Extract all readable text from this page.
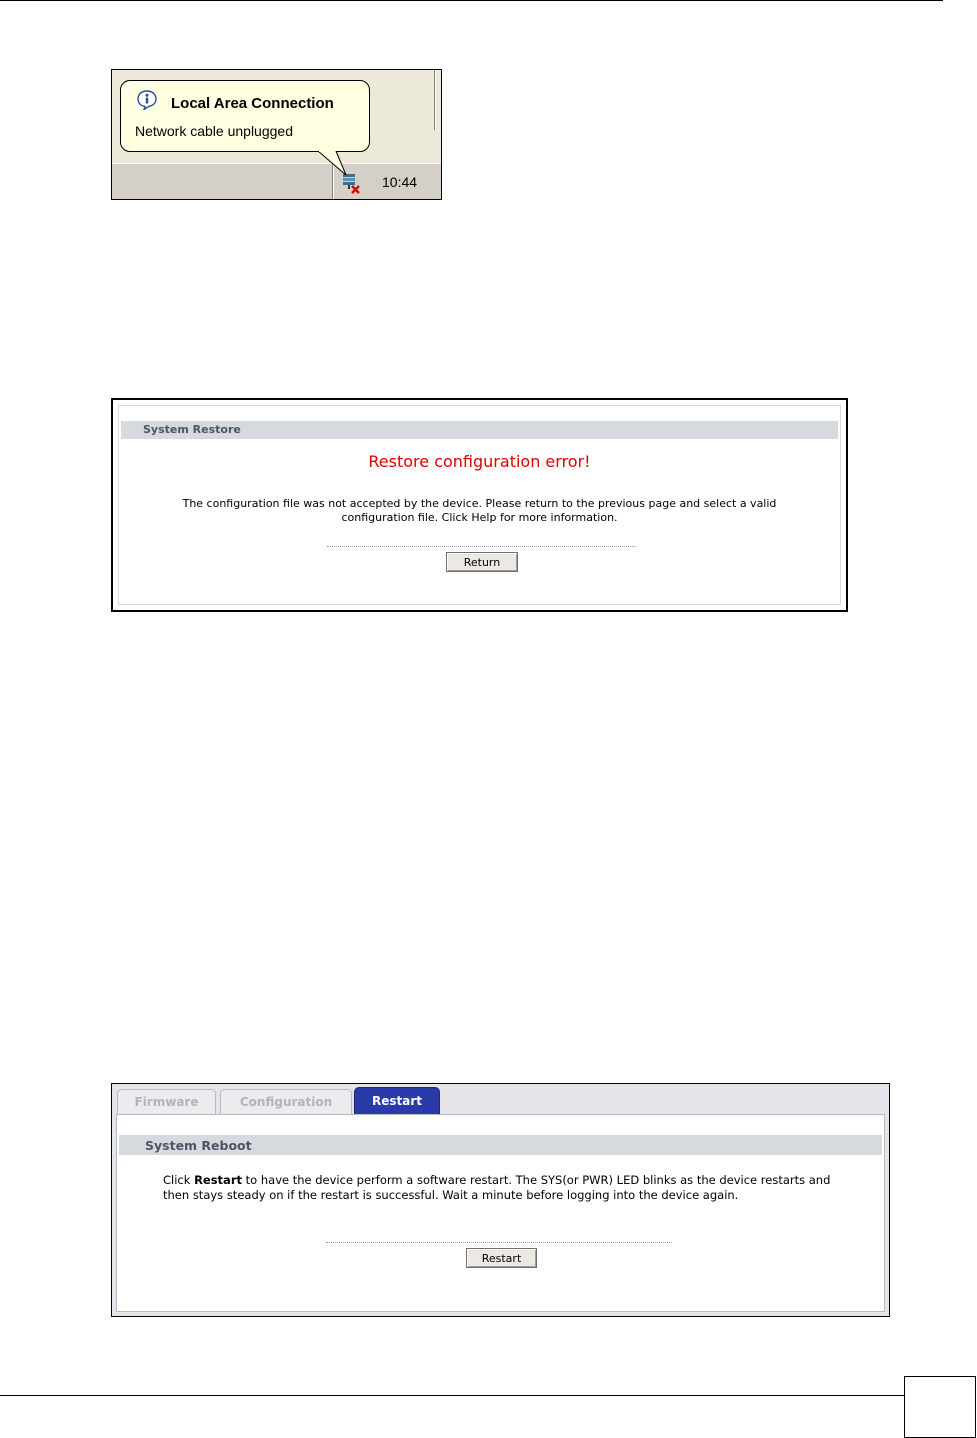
10:44
Local Area Connection
Network cable unplugged
System Restore
Restore configuration error!
The configuration file was not accepted by the device. Please return to the previous page and select a valid configuration file. Click Help for more information.
Return
Firmware	Configuration	Restart
System Reboot
Click Restart to have the device perform a software restart. The SYS(or PWR) LED blinks as the device restarts and then stays steady on if the restart is successful. Wait a minute before logging into the device again.
Restart
